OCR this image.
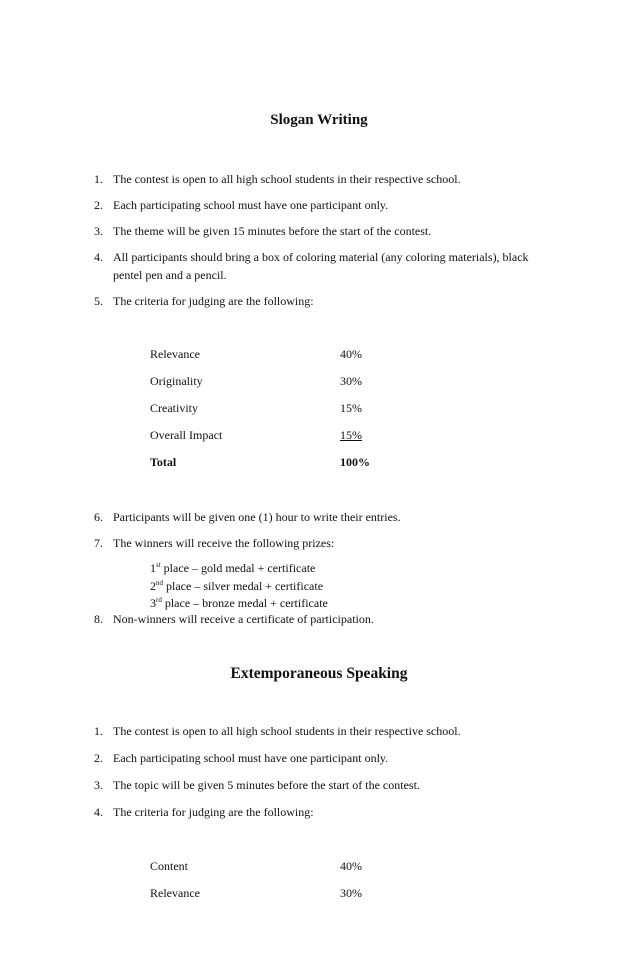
Slogan Writing
1. The contest is open to all high school students in their respective school.
2. Each participating school must have one participant only.
3. The theme will be given 15 minutes before the start of the contest.
4. All participants should bring a box of coloring material (any coloring materials), black pentel pen and a pencil.
5. The criteria for judging are the following:
Relevance	40%
Originality	30%
Creativity	15%
Overall Impact	15%
Total	100%
6. Participants will be given one (1) hour to write their entries.
7. The winners will receive the following prizes:
1st place – gold medal + certificate
2nd place – silver medal + certificate
3rd place – bronze medal + certificate
8. Non-winners will receive a certificate of participation.
Extemporaneous Speaking
1. The contest is open to all high school students in their respective school.
2. Each participating school must have one participant only.
3. The topic will be given 5 minutes before the start of the contest.
4. The criteria for judging are the following:
Content	40%
Relevance	30%
